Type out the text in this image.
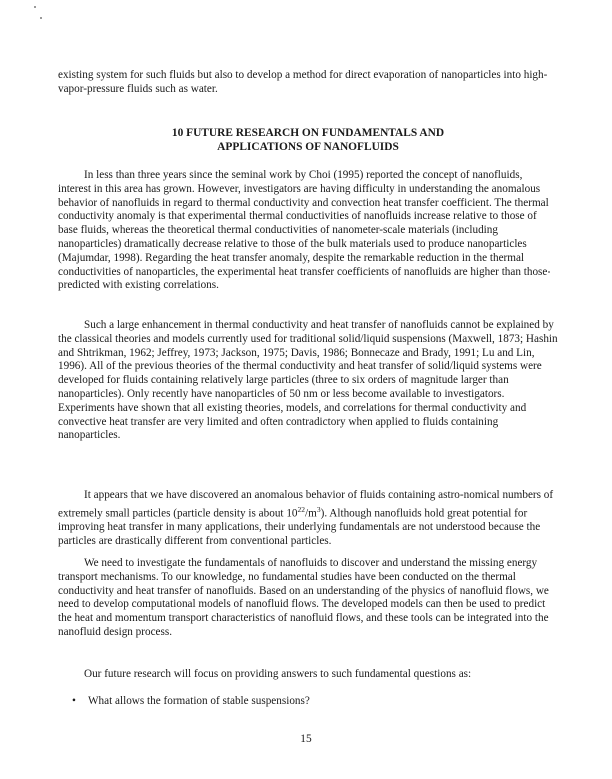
existing system for such fluids but also to develop a method for direct evaporation of nanoparticles into high-vapor-pressure fluids such as water.

10 FUTURE RESEARCH ON FUNDAMENTALS AND
APPLICATIONS OF NANOFLUIDS

In less than three years since the seminal work by Choi (1995) reported the concept of nanofluids, interest in this area has grown. However, investigators are having difficulty in understanding the anomalous behavior of nanofluids in regard to thermal conductivity and convection heat transfer coefficient. The thermal conductivity anomaly is that experimental thermal conductivities of nanofluids increase relative to those of base fluids, whereas the theoretical thermal conductivities of nanometer-scale materials (including nanoparticles) dramatically decrease relative to those of the bulk materials used to produce nanoparticles (Majumdar, 1998). Regarding the heat transfer anomaly, despite the remarkable reduction in the thermal conductivities of nanoparticles, the experimental heat transfer coefficients of nanofluids are higher than those predicted with existing correlations.

Such a large enhancement in thermal conductivity and heat transfer of nanofluids cannot be explained by the classical theories and models currently used for traditional solid/liquid suspensions (Maxwell, 1873; Hashin and Shtrikman, 1962; Jeffrey, 1973; Jackson, 1975; Davis, 1986; Bonnecaze and Brady, 1991; Lu and Lin, 1996). All of the previous theories of the thermal conductivity and heat transfer of solid/liquid systems were developed for fluids containing relatively large particles (three to six orders of magnitude larger than nanoparticles). Only recently have nanoparticles of 50 nm or less become available to investigators. Experiments have shown that all existing theories, models, and correlations for thermal conductivity and convective heat transfer are very limited and often contradictory when applied to fluids containing nanoparticles.

It appears that we have discovered an anomalous behavior of fluids containing astro-nomical numbers of extremely small particles (particle density is about $10^{22}/m^3$). Although nanofluids hold great potential for improving heat transfer in many applications, their underlying fundamentals are not understood because the particles are drastically different from conventional particles.

We need to investigate the fundamentals of nanofluids to discover and understand the missing energy transport mechanisms. To our knowledge, no fundamental studies have been conducted on the thermal conductivity and heat transfer of nanofluids. Based on an understanding of the physics of nanofluid flows, we need to develop computational models of nanofluid flows. The developed models can then be used to predict the heat and momentum transport characteristics of nanofluid flows, and these tools can be integrated into the nanofluid design process.

Our future research will focus on providing answers to such fundamental questions as:

• What allows the formation of stable suspensions?
15
